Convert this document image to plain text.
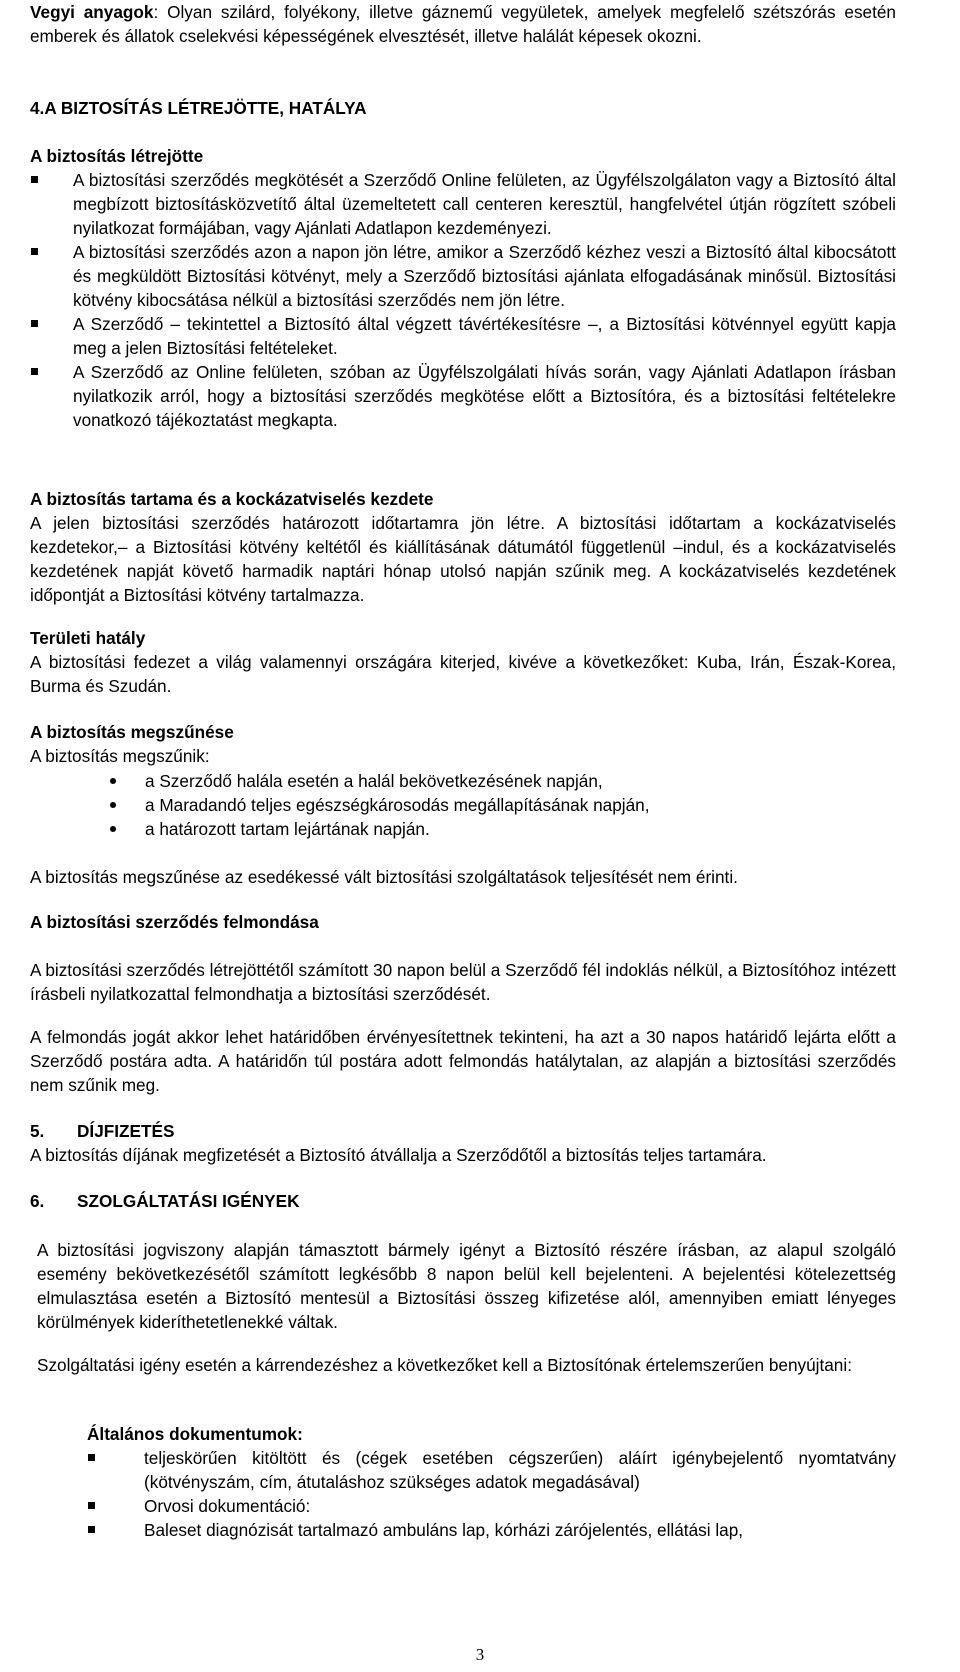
Vegyi anyagok: Olyan szilárd, folyékony, illetve gáznemű vegyületek, amelyek megfelelő szétszórás esetén emberek és állatok cselekvési képességének elvesztését, illetve halálát képesek okozni.

4.A BIZTOSÍTÁS LÉTREJÖTTE, HATÁLYA
A biztosítás létrejötte
A biztosítási szerződés megkötését a Szerződő Online felületen, az Ügyfélszolgálaton vagy a Biztosító által megbízott biztosításközvetítő által üzemeltetett call centeren keresztül, hangfelvétel útján rögzített szóbeli nyilatkozat formájában, vagy Ajánlati Adatlapon kezdeményezi.
A biztosítási szerződés azon a napon jön létre, amikor a Szerződő kézhez veszi a Biztosító által kibocsátott és megküldött Biztosítási kötvényt, mely a Szerződő biztosítási ajánlata elfogadásának minősül. Biztosítási kötvény kibocsátása nélkül a biztosítási szerződés nem jön létre.
A Szerződő – tekintettel a Biztosító által végzett távértékesítésre –, a Biztosítási kötvénnyel együtt kapja meg a jelen Biztosítási feltételeket.
A Szerződő az Online felületen, szóban az Ügyfélszolgálati hívás során, vagy Ajánlati Adatlapon írásban nyilatkozik arról, hogy a biztosítási szerződés megkötése előtt a Biztosítóra, és a biztosítási feltételekre vonatkozó tájékoztatást megkapta.
A biztosítás tartama és a kockázatviselés kezdete

A jelen biztosítási szerződés határozott időtartamra jön létre. A biztosítási időtartam a kockázatviselés kezdetekor,– a Biztosítási kötvény keltétől és kiállításának dátumától függetlenül –indul, és a kockázatviselés kezdetének napját követő harmadik naptári hónap utolsó napján szűnik meg. A kockázatviselés kezdetének időpontját a Biztosítási kötvény tartalmazza.

Területi hatály

A biztosítási fedezet a világ valamennyi országára kiterjed, kivéve a következőket: Kuba, Irán, Észak-Korea, Burma és Szudán.

A biztosítás megszűnése
A biztosítás megszűnik:
a Szerződő halála esetén a halál bekövetkezésének napján,
a Maradandó teljes egészségkárosodás megállapításának napján,
a határozott tartam lejártának napján.

A biztosítás megszűnése az esedékessé vált biztosítási szolgáltatások teljesítését nem érinti.

A biztosítási szerződés felmondása

A biztosítási szerződés létrejöttétől számított 30 napon belül a Szerződő fél indoklás nélkül, a Biztosítóhoz intézett írásbeli nyilatkozattal felmondhatja a biztosítási szerződését.

A felmondás jogát akkor lehet határidőben érvényesítettnek tekinteni, ha azt a 30 napos határidő lejárta előtt a Szerződő postára adta. A határidőn túl postára adott felmondás hatálytalan, az alapján a biztosítási szerződés nem szűnik meg.

5. DÍJFIZETÉS

A biztosítás díjának megfizetését a Biztosító átvállalja a Szerződőtől a biztosítás teljes tartamára.

6. SZOLGÁLTATÁSI IGÉNYEK

A biztosítási jogviszony alapján támasztott bármely igényt a Biztosító részére írásban, az alapul szolgáló esemény bekövetkezésétől számított legkésőbb 8 napon belül kell bejelenteni. A bejelentési kötelezettség elmulasztása esetén a Biztosító mentesül a Biztosítási összeg kifizetése alól, amennyiben emiatt lényeges körülmények kideríthetetlenekké váltak.

Szolgáltatási igény esetén a kárrendezéshez a következőket kell a Biztosítónak értelemszerűen benyújtani:

Általános dokumentumok:
teljeskörűen kitöltött és (cégek esetében cégszerűen) aláírt igénybejelentő nyomtatvány (kötvényszám, cím, átutaláshoz szükséges adatok megadásával)
Orvosi dokumentáció:
Baleset diagnózisát tartalmazó ambuláns lap, kórházi zárójelentés, ellátási lap,
3
